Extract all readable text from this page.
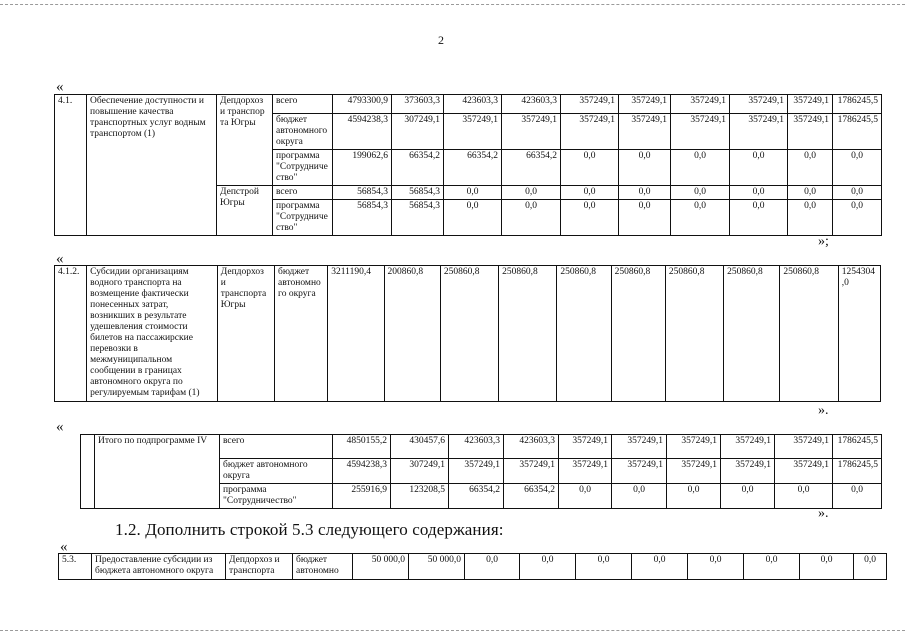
2
«
4.1.	Обеспечение доступности и повышение качества транспортных услуг водным транспортом (1)	Депдорхоз и транспор та Югры	всего	4793300,9	373603,3	423603,3	423603,3	357249,1	357249,1	357249,1	357249,1	357249,1	1786245,5
			бюджет автономного округа	4594238,3	307249,1	357249,1	357249,1	357249,1	357249,1	357249,1	357249,1	357249,1	1786245,5
			программа "Сотрудничество"	199062,6	66354,2	66354,2	66354,2	0,0	0,0	0,0	0,0	0,0	0,0
		Депстрой Югры	всего	56854,3	56854,3	0,0	0,0	0,0	0,0	0,0	0,0	0,0	0,0
			программа "Сотрудничество"	56854,3	56854,3	0,0	0,0	0,0	0,0	0,0	0,0	0,0	0,0
»;
«
4.1.2.	Субсидии организациям водного транспорта на возмещение фактически понесенных затрат, возникших в результате удешевления стоимости билетов на пассажирские перевозки в межмуниципальном сообщении в границах автономного округа по регулируемым тарифам (1)	Депдорхоз и транспорта Югры	бюджет автономного округа	3211190,4	200860,8	250860,8	250860,8	250860,8	250860,8	250860,8	250860,8	250860,8	1254304,0
».
«
	Итого по подпрограмме IV	всего	4850155,2	430457,6	423603,3	423603,3	357249,1	357249,1	357249,1	357249,1	357249,1	1786245,5
		бюджет автономного округа	4594238,3	307249,1	357249,1	357249,1	357249,1	357249,1	357249,1	357249,1	357249,1	1786245,5
		программа "Сотрудничество"	255916,9	123208,5	66354,2	66354,2	0,0	0,0	0,0	0,0	0,0	0,0
».
1.2. Дополнить строкой 5.3 следующего содержания:
«
5.3.	Предоставление субсидии из бюджета автономного округа	Депдорхоз и транспорта	бюджет автономно	50 000,0	50 000,0	0,0	0,0	0,0	0,0	0,0	0,0	0,0	0,0
